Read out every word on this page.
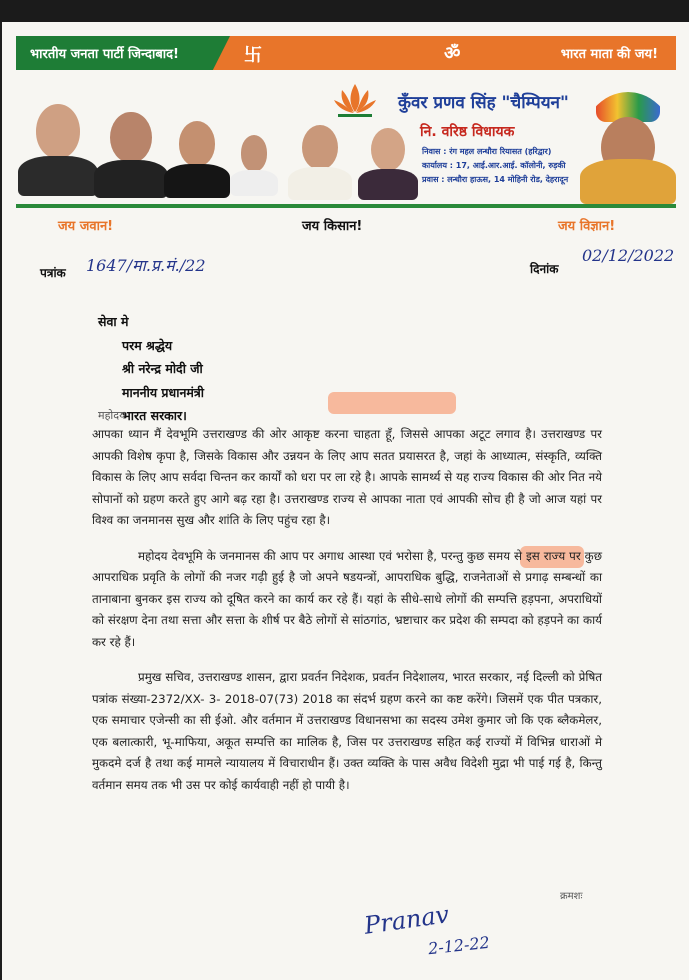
भारतीय जनता पार्टी जिन्दाबाद!	卐	ॐ	भारत माता की जय!
कुँवर प्रणव सिंह "चैम्पियन"
नि. वरिष्ठ विधायक
निवास : रंग महल लन्धौरा रियासत (हरिद्वार)
कार्यालय : 17, आई.आर.आई. कॉलोनी, रुड़की
प्रवास : लन्धौरा हाऊस, 14 मोहिनी रोड, देहरादून
जय जवान!	जय किसान!	जय विज्ञान!
पत्रांक 1647/मा.प्र.मं./22	दिनांक
02/12/2022
सेवा मे
परम श्रद्धेय
श्री नरेन्द्र मोदी जी
माननीय प्रधानमंत्री
भारत सरकार।
महोदय

आपका ध्यान मैं देवभूमि उत्तराखण्ड की ओर आकृष्ट करना चाहता हूँ, जिससे आपका अटूट लगाव है। उत्तराखण्ड पर आपकी विशेष कृपा है, जिसके विकास और उन्नयन के लिए आप सतत प्रयासरत है, जहां के आध्यात्म, संस्कृति, व्यक्ति विकास के लिए आप सर्वदा चिन्तन कर कार्यों को धरा पर ला रहे है। आपके सामर्थ्य से यह राज्य विकास की ओर नित नये सोपानों को ग्रहण करते हुए आगे बढ़ रहा है। उत्तराखण्ड राज्य से आपका नाता एवं आपकी सोच ही है जो आज यहां पर विश्व का जनमानस सुख और शांति के लिए पहुंच रहा है।

महोदय देवभूमि के जनमानस की आप पर अगाध आस्था एवं भरोसा है, परन्तु कुछ समय से इस राज्य पर कुछ आपराधिक प्रवृति के लोगों की नजर गढ़ी हुई है जो अपने षडयन्त्रों, आपराधिक बुद्धि, राजनेताओं से प्रगाढ़ सम्बन्धों का तानाबाना बुनकर इस राज्य को दूषित करने का कार्य कर रहे हैं। यहां के सीधे-साधे लोगों की सम्पत्ति हड़पना, अपराधियों को संरक्षण देना तथा सत्ता और सत्ता के शीर्ष पर बैठे लोगों से सांठगांठ, भ्रष्टाचार कर प्रदेश की सम्पदा को हड़पने का कार्य कर रहे हैं।

प्रमुख सचिव, उत्तराखण्ड शासन, द्वारा प्रवर्तन निदेशक, प्रवर्तन निदेशालय, भारत सरकार, नई दिल्ली को प्रेषित पत्रांक संख्या-2372/XX- 3- 2018-07(73) 2018 का संदर्भ ग्रहण करने का कष्ट करेंगे। जिसमें एक पीत पत्रकार, एक समाचार एजेन्सी का सी ईओ. और वर्तमान में उत्तराखण्ड विधानसभा का सदस्य उमेश कुमार जो कि एक ब्लैकमेलर, एक बलात्कारी, भू-माफिया, अकूत सम्पत्ति का मालिक है, जिस पर उत्तराखण्ड सहित कई राज्यों में विभिन्न धाराओं मे मुकदमे दर्ज है तथा कई मामले न्यायालय में विचाराधीन हैं। उक्त व्यक्ति के पास अवैध विदेशी मुद्रा भी पाई गई है, किन्तु वर्तमान समय तक भी उस पर कोई कार्यवाही नहीं हो पायी है।

क्रमशः
Pranav
2-12-22
